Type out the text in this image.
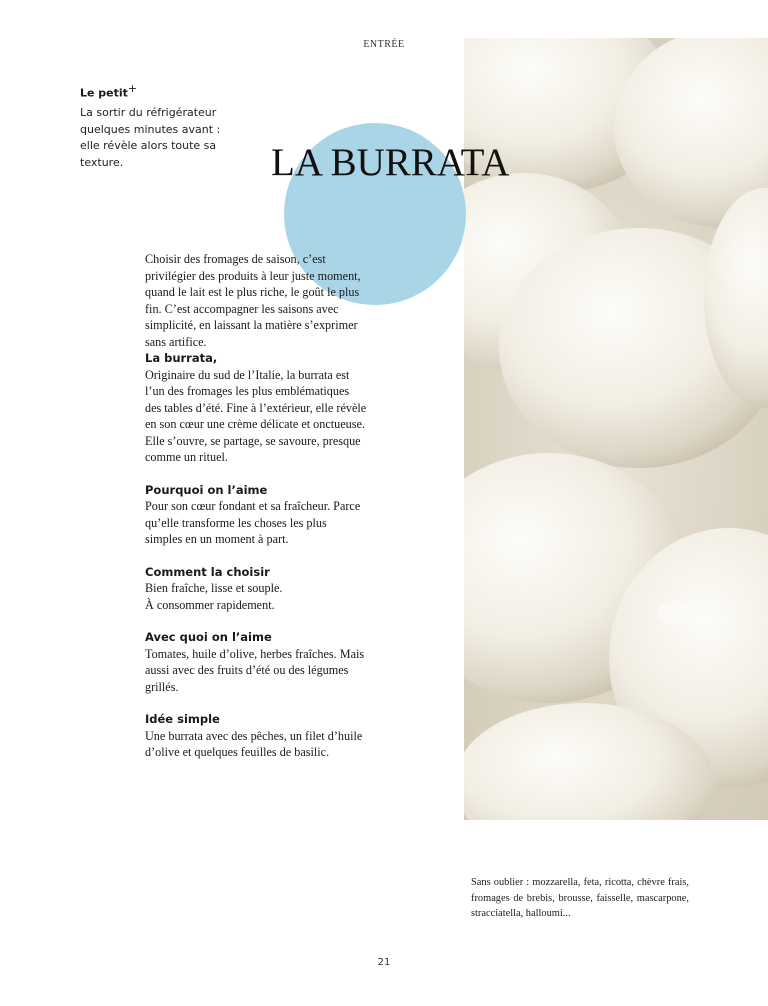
ENTRÉE
LA BURRATA
Le petit+

La sortir du réfrigérateur quelques minutes avant : elle révèle alors toute sa texture.

Choisir des fromages de saison, c’est privilégier des produits à leur juste moment, quand le lait est le plus riche, le goût le plus fin. C’est accompagner les saisons avec simplicité, en laissant la matière s’exprimer sans artifice.

La burrata,

Originaire du sud de l’Italie, la burrata est l’un des fromages les plus emblématiques des tables d’été. Fine à l’extérieur, elle révèle en son cœur une crème délicate et onctueuse.

Elle s’ouvre, se partage, se savoure, presque comme un rituel.

Pourquoi on l’aime

Pour son cœur fondant et sa fraîcheur. Parce qu’elle transforme les choses les plus simples en un moment à part.

Comment la choisir

Bien fraîche, lisse et souple.

À consommer rapidement.

Avec quoi on l’aime

Tomates, huile d’olive, herbes fraîches. Mais aussi avec des fruits d’été ou des légumes grillés.

Idée simple

Une burrata avec des pêches, un filet d’huile d’olive et quelques feuilles de basilic.

Sans oublier : mozzarella, feta, ricotta, chèvre frais, fromages de brebis, brousse, faisselle, mascarpone, stracciatella, halloumi...

21
